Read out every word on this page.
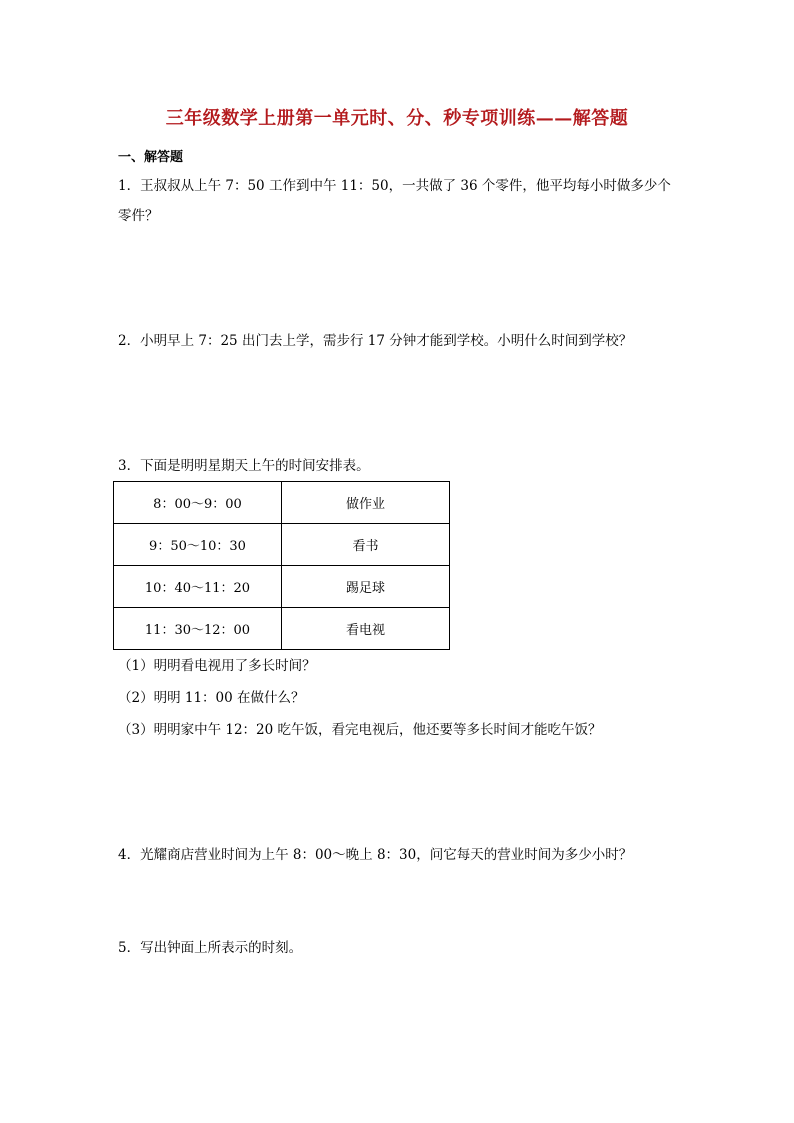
三年级数学上册第一单元时、分、秒专项训练——解答题
一、解答题
1．王叔叔从上午 7：50 工作到中午 11：50，一共做了 36 个零件，他平均每小时做多少个
零件？
2．小明早上 7：25 出门去上学，需步行 17 分钟才能到学校。小明什么时间到学校？
3．下面是明明星期天上午的时间安排表。
8：00～9：00	做作业
9：50～10：30	看书
10：40～11：20	踢足球
11：30～12：00	看电视
（1）明明看电视用了多长时间？
（2）明明 11：00 在做什么？
（3）明明家中午 12：20 吃午饭，看完电视后，他还要等多长时间才能吃午饭？
4．光耀商店营业时间为上午 8：00～晚上 8：30，问它每天的营业时间为多少小时？
5．写出钟面上所表示的时刻。
